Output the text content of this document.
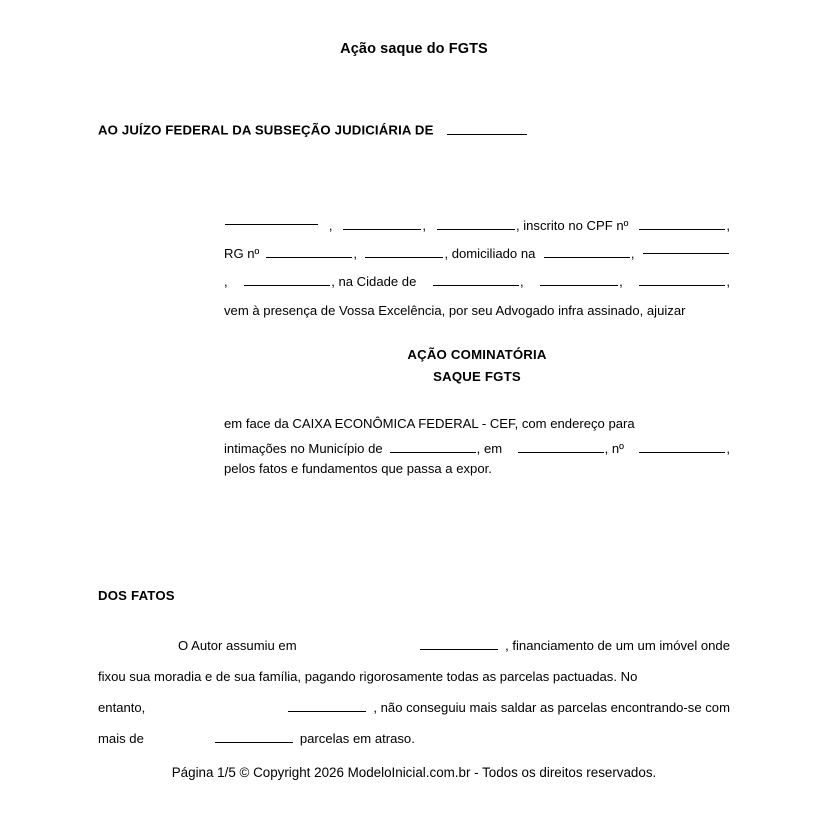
Ação saque do FGTS
AO JUÍZO FEDERAL DA SUBSEÇÃO JUDICIÁRIA DE
,	,	, inscrito no CPF nº	,
RG nº	,	, domiciliado na	,
,	, na Cidade de	,	,	,
vem à presença de Vossa Excelência, por seu Advogado infra assinado, ajuizar
AÇÃO COMINATÓRIA
SAQUE FGTS
em face da CAIXA ECONÔMICA FEDERAL - CEF, com endereço para
intimações no Município de	, em	, nº	,
pelos fatos e fundamentos que passa a expor.
DOS FATOS
O Autor assumiu em	, financiamento de um um imóvel onde
fixou sua moradia e de sua família, pagando rigorosamente todas as parcelas pactuadas. No
entanto,	, não conseguiu mais saldar as parcelas encontrando-se com
mais de	parcelas em atraso.
Página 1/5 © Copyright 2026 ModeloInicial.com.br - Todos os direitos reservados.
